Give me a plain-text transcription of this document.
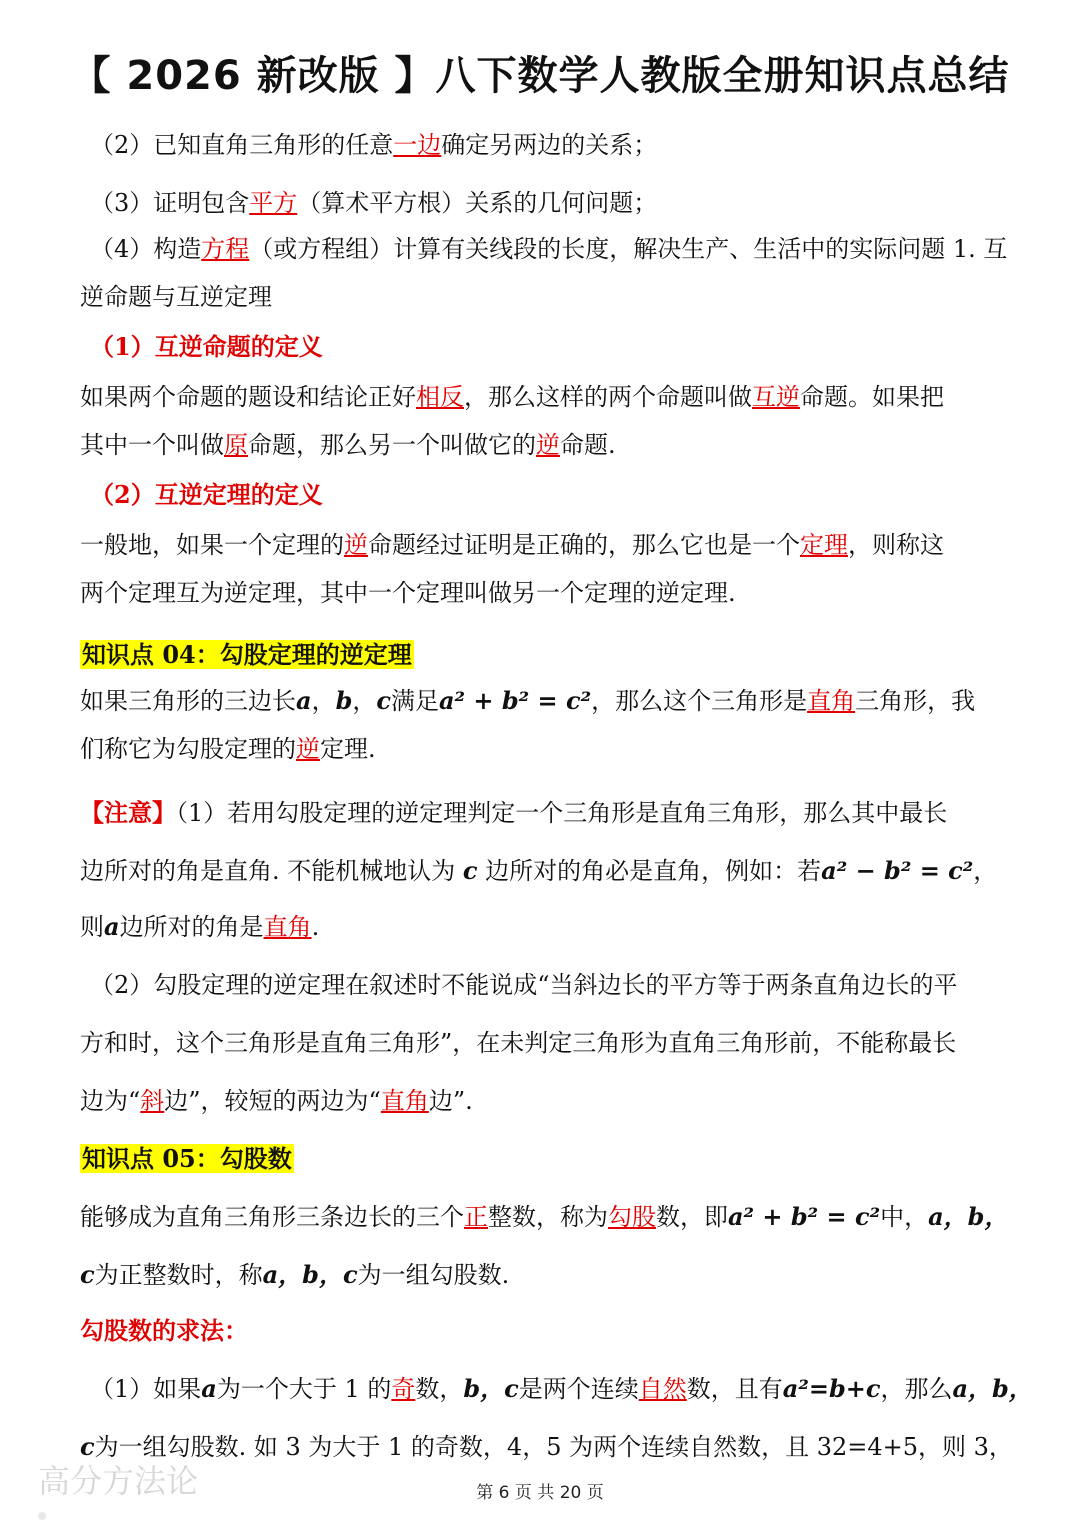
【 2026 新改版 】八下数学人教版全册知识点总结
（2）已知直角三角形的任意一边确定另两边的关系；
（3）证明包含平方（算术平方根）关系的几何问题；
（4）构造方程（或方程组）计算有关线段的长度，解决生产、生活中的实际问题 1. 互
逆命题与互逆定理
（1）互逆命题的定义
如果两个命题的题设和结论正好相反，那么这样的两个命题叫做互逆命题。如果把
其中一个叫做原命题，那么另一个叫做它的逆命题.
（2）互逆定理的定义
一般地，如果一个定理的逆命题经过证明是正确的，那么它也是一个定理，则称这
两个定理互为逆定理，其中一个定理叫做另一个定理的逆定理.
知识点 04：勾股定理的逆定理
如果三角形的三边长a，b，c满足a² + b² = c²，那么这个三角形是直角三角形，我
们称它为勾股定理的逆定理.
【注意】（1）若用勾股定理的逆定理判定一个三角形是直角三角形，那么其中最长
边所对的角是直角. 不能机械地认为 c 边所对的角必是直角，例如：若a² − b² = c²，
则a边所对的角是直角.
（2）勾股定理的逆定理在叙述时不能说成“当斜边长的平方等于两条直角边长的平
方和时，这个三角形是直角三角形”，在未判定三角形为直角三角形前，不能称最长
边为“斜边”，较短的两边为“直角边”.
知识点 05：勾股数
能够成为直角三角形三条边长的三个正整数，称为勾股数，即a² + b² = c²中，a，b，
c为正整数时，称a，b，c为一组勾股数.
勾股数的求法：
（1）如果a为一个大于 1 的奇数，b，c是两个连续自然数，且有a²=b+c，那么a，b，
c为一组勾股数. 如 3 为大于 1 的奇数，4，5 为两个连续自然数，且 32=4+5，则 3，
高分方法论	第 6 页 共 20 页
